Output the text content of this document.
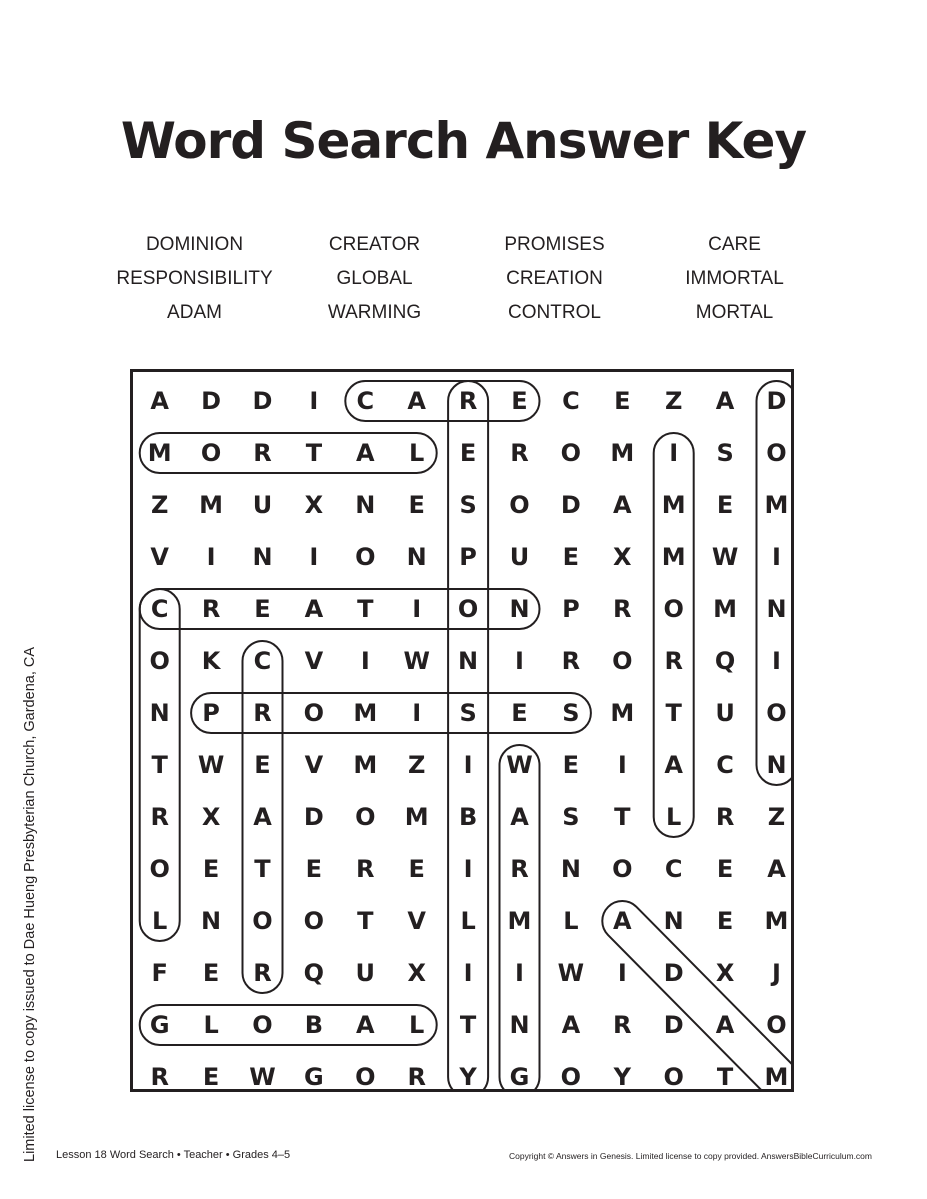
Word Search Answer Key
DOMINION	CREATOR	PROMISES	CARE
RESPONSIBILITY	GLOBAL	CREATION	IMMORTAL
ADAM	WARMING	CONTROL	MORTAL
A	D	D	I	C	A	R	E	C	E	Z	A	D
M	O	R	T	A	L	E	R	O	M	I	S	O
Z	M	U	X	N	E	S	O	D	A	M	E	M
V	I	N	I	O	N	P	U	E	X	M	W	I
C	R	E	A	T	I	O	N	P	R	O	M	N
O	K	C	V	I	W	N	I	R	O	R	Q	I
N	P	R	O	M	I	S	E	S	M	T	U	O
T	W	E	V	M	Z	I	W	E	I	A	C	N
R	X	A	D	O	M	B	A	S	T	L	R	Z
O	E	T	E	R	E	I	R	N	O	C	E	A
L	N	O	O	T	V	L	M	L	A	N	E	M
F	E	R	Q	U	X	I	I	W	I	D	X	J
G	L	O	B	A	L	T	N	A	R	D	A	O
R	E	W	G	O	R	Y	G	O	Y	O	T	M
Limited license to copy issued to Dae Hueng Presbyterian Church, Gardena, CA Lesson 18 Word Search • Teacher • Grades 4–5	Copyright © Answers in Genesis. Limited license to copy provided. AnswersBibleCurriculum.com
